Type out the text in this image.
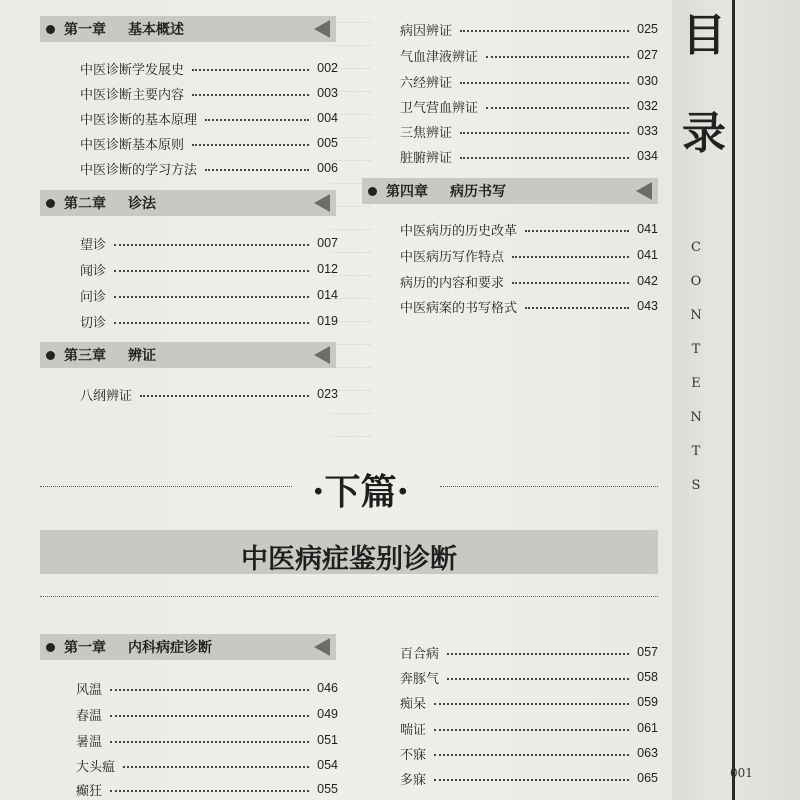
目
录
C
O
N
T
E
N
T
S
001
第一章 基本概述
中医诊断学发展史	002
中医诊断主要内容	003
中医诊断的基本原理	004
中医诊断基本原则	005
中医诊断的学习方法	006
第二章 诊法
望诊	007
闻诊	012
问诊	014
切诊	019
第三章 辨证
八纲辨证	023
病因辨证	025
气血津液辨证	027
六经辨证	030
卫气营血辨证	032
三焦辨证	033
脏腑辨证	034
第四章 病历书写
中医病历的历史改革	041
中医病历写作特点	041
病历的内容和要求	042
中医病案的书写格式	043
·下篇·
中医病症鉴别诊断
第一章 内科病症诊断
风温	046
春温	049
暑温	051
大头瘟	054
癫狂	055
百合病	057
奔豚气	058
痴呆	059
喘证	061
不寐	063
多寐	065
